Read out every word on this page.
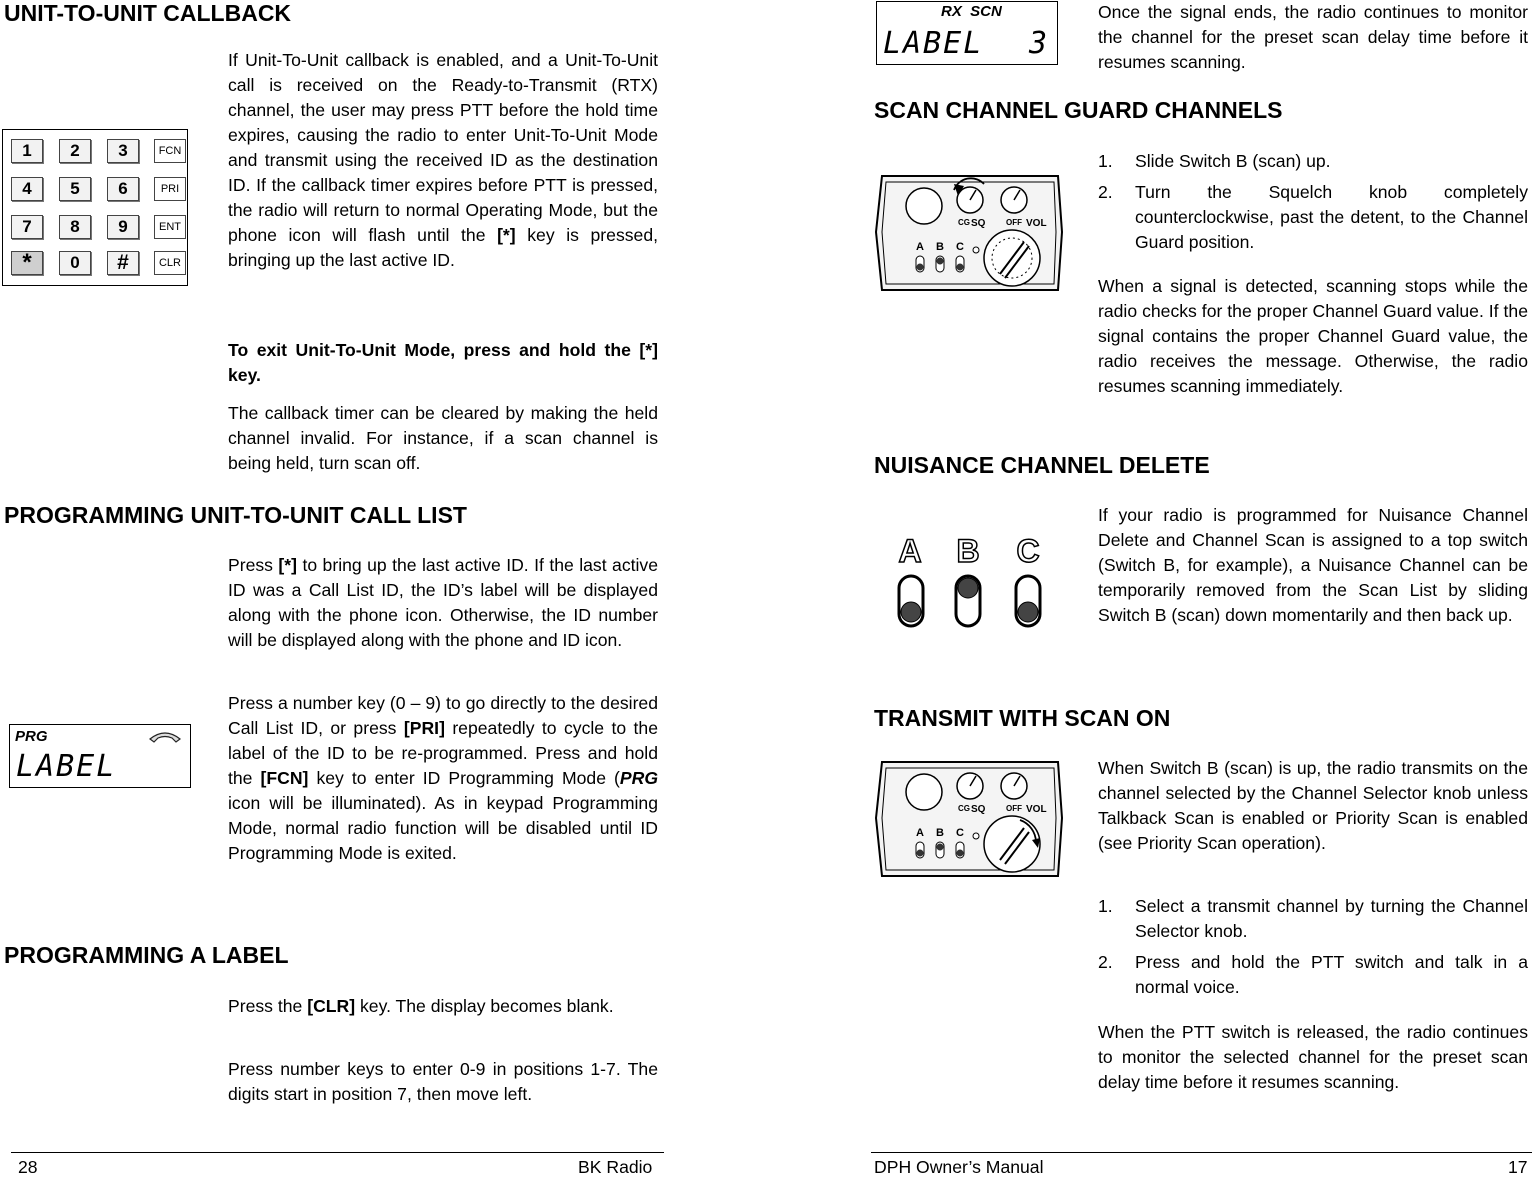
UNIT-TO-UNIT CALLBACK
1	2	3	FCN
4	5	6	PRI
7	8	9	ENT
*	0	#	CLR

If Unit-To-Unit callback is enabled, and a Unit-To-Unit call is received on the Ready-to-Transmit (RTX) channel, the user may press PTT before the hold time expires, causing the radio to enter Unit-To-Unit Mode and transmit using the received ID as the destination ID. If the callback timer expires before PTT is pressed, the radio will return to normal Operating Mode, but the phone icon will flash until the [*] key is pressed, bringing up the last active ID.

To exit Unit-To-Unit Mode, press and hold the [*] key.

The callback timer can be cleared by making the held channel invalid. For instance, if a scan channel is being held, turn scan off.

PROGRAMMING UNIT-TO-UNIT CALL LIST

Press [*] to bring up the last active ID. If the last active ID was a Call List ID, the ID’s label will be displayed along with the phone icon. Otherwise, the ID number will be displayed along with the phone and ID icon.

PRG
LABEL

Press a number key (0 – 9) to go directly to the desired Call List ID, or press [PRI] repeatedly to cycle to the label of the ID to be re-programmed. Press and hold the [FCN] key to enter ID Programming Mode (PRG icon will be illuminated). As in keypad Programming Mode, normal radio function will be disabled until ID Programming Mode is exited.

PROGRAMMING A LABEL

Press the [CLR] key. The display becomes blank.

Press number keys to enter 0-9 in positions 1-7. The digits start in position 7, then move left.

28	BK Radio
RX  SCN
LABEL 3

Once the signal ends, the radio continues to monitor the channel for the preset scan delay time before it resumes scanning.

SCAN CHANNEL GUARD CHANNELS
CG SQ	OFF VOL
A B C
1. Slide Switch B (scan) up.
2. Turn the Squelch knob completely counterclockwise, past the detent, to the Channel Guard position.

When a signal is detected, scanning stops while the radio checks for the proper Channel Guard value. If the signal contains the proper Channel Guard value, the radio receives the message. Otherwise, the radio resumes scanning immediately.

NUISANCE CHANNEL DELETE
A B C

If your radio is programmed for Nuisance Channel Delete and Channel Scan is assigned to a top switch (Switch B, for example), a Nuisance Channel can be temporarily removed from the Scan List by sliding Switch B (scan) down momentarily and then back up.

TRANSMIT WITH SCAN ON
CG SQ	OFF VOL
A B C

When Switch B (scan) is up, the radio transmits on the channel selected by the Channel Selector knob unless Talkback Scan is enabled or Priority Scan is enabled (see Priority Scan operation).

1. Select a transmit channel by turning the Channel Selector knob.
2. Press and hold the PTT switch and talk in a normal voice.

When the PTT switch is released, the radio continues to monitor the selected channel for the preset scan delay time before it resumes scanning.

DPH Owner’s Manual	17
